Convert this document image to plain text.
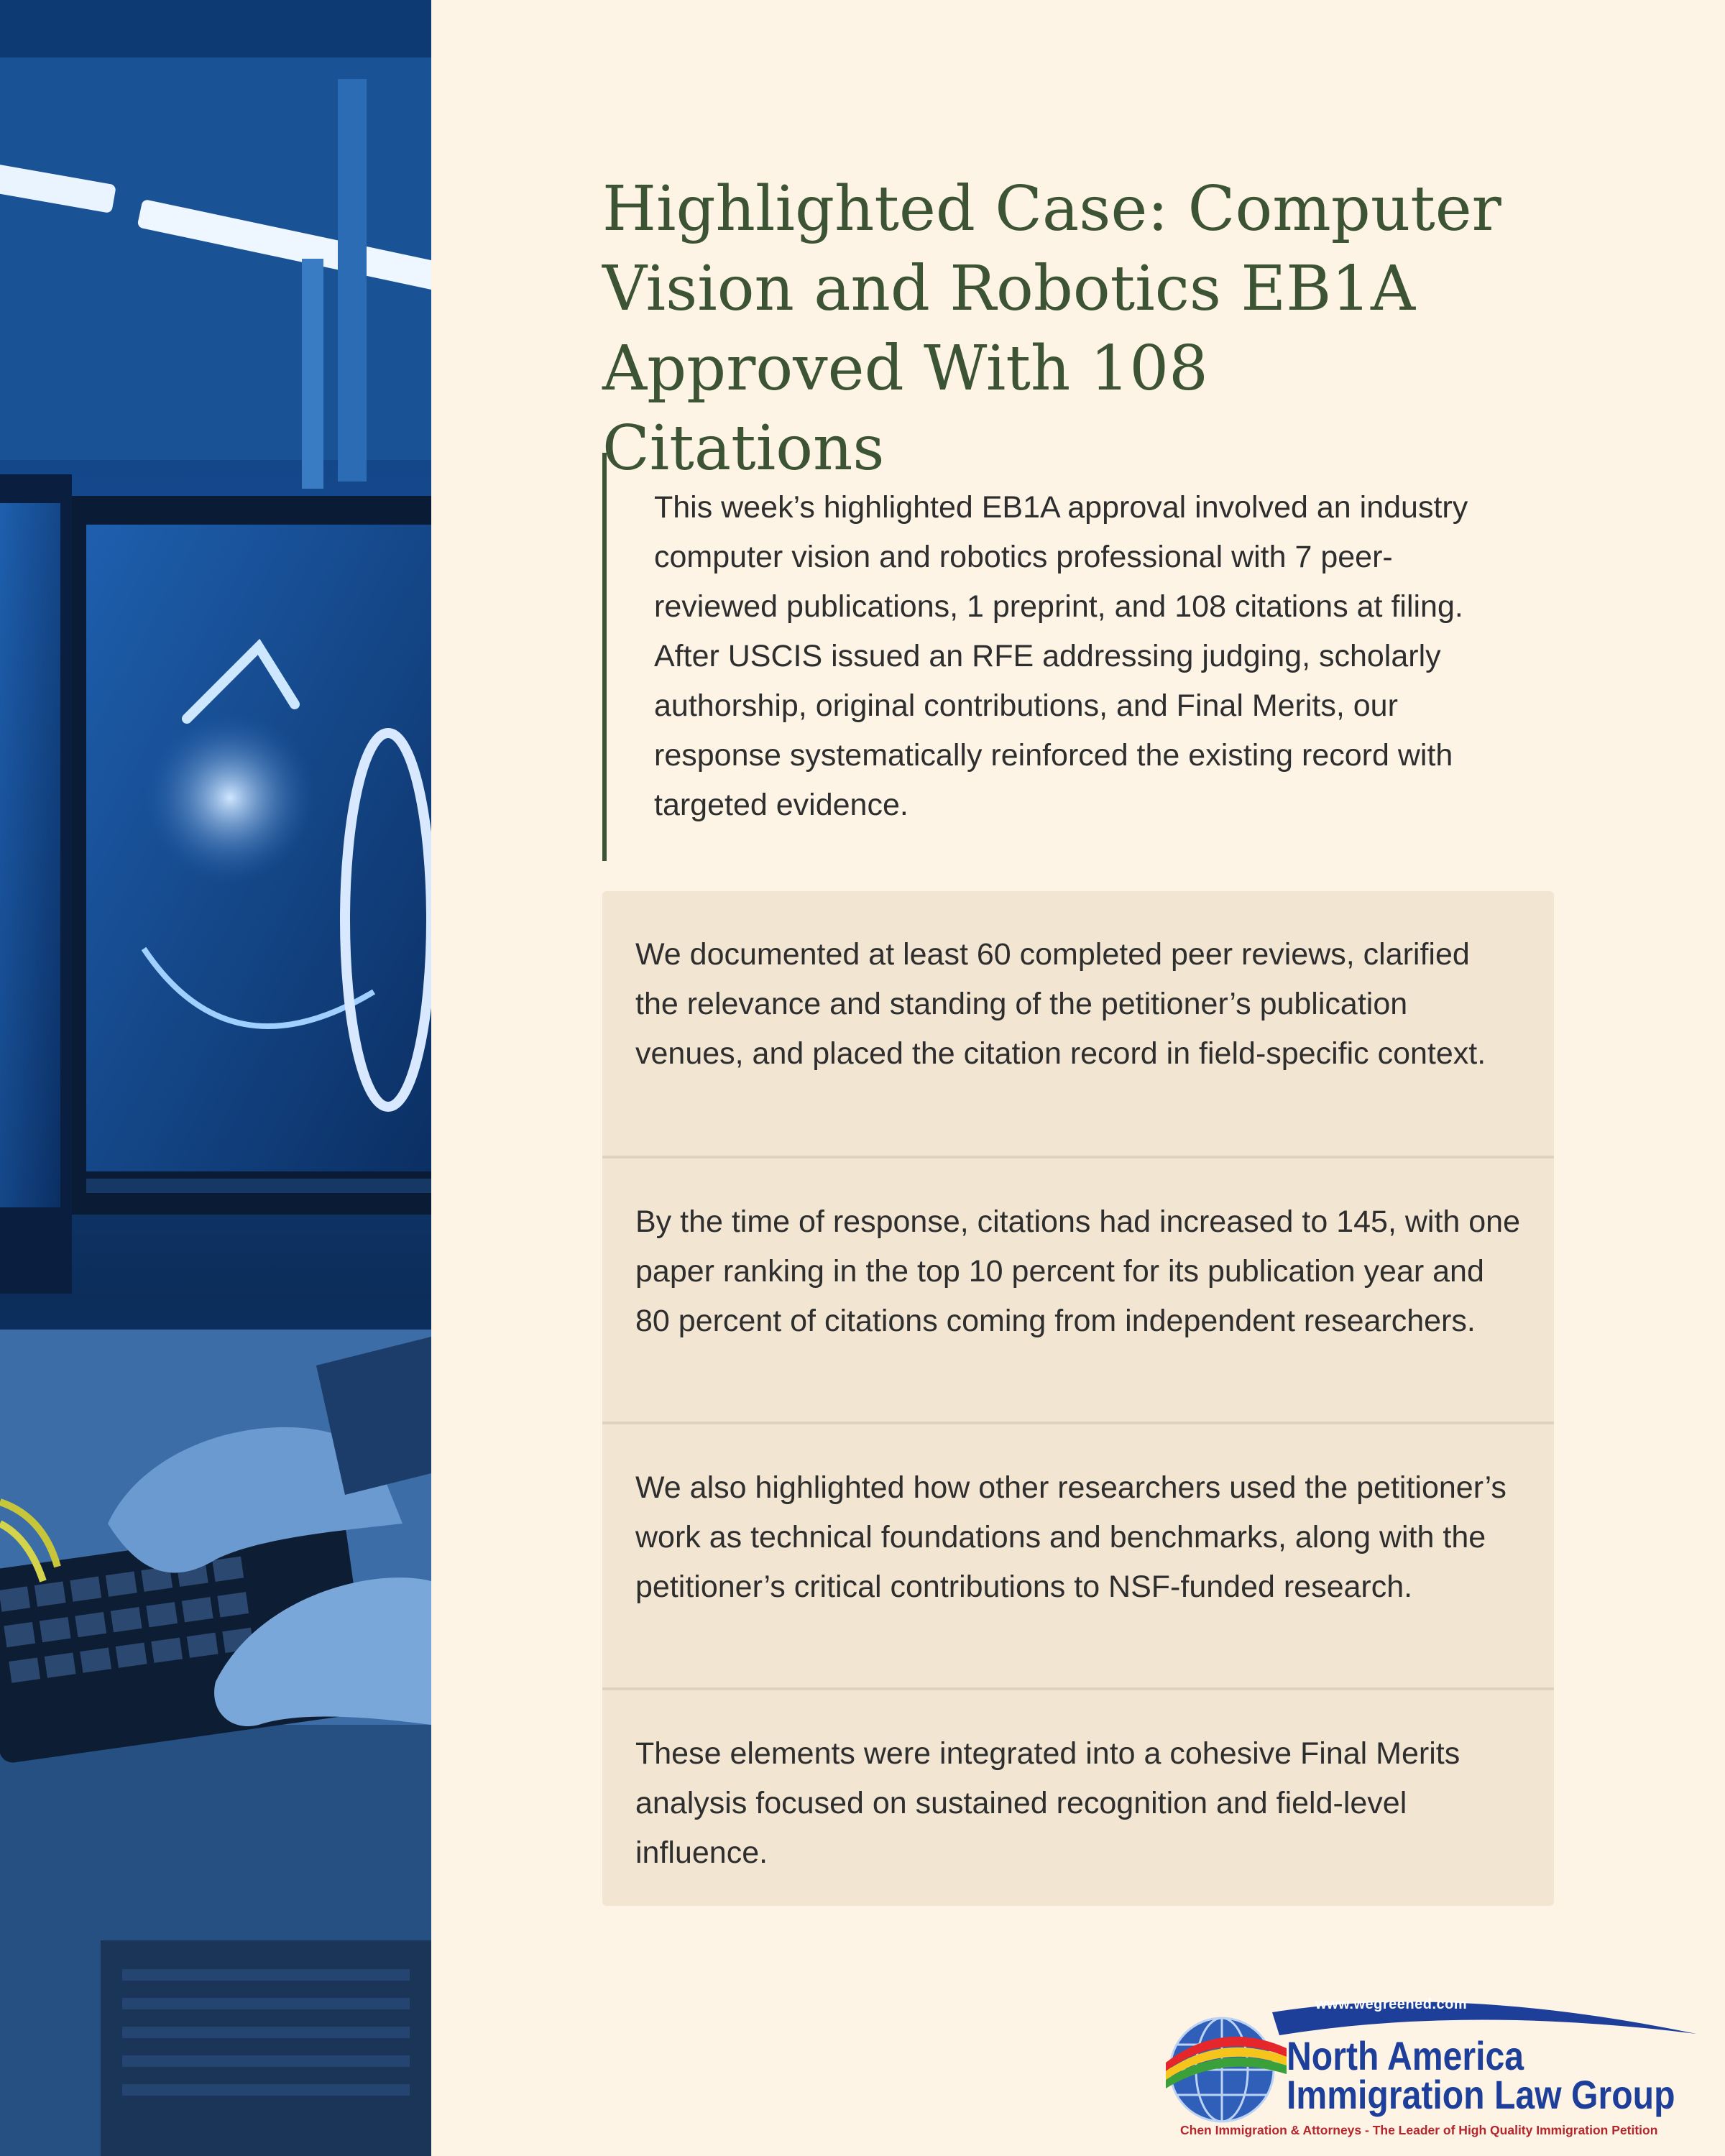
Highlighted Case: Computer Vision and Robotics EB1A Approved With 108 Citations

This week’s highlighted EB1A approval involved an industry computer vision and robotics professional with 7 peer-reviewed publications, 1 preprint, and 108 citations at filing. After USCIS issued an RFE addressing judging, scholarly authorship, original contributions, and Final Merits, our response systematically reinforced the existing record with targeted evidence.

We documented at least 60 completed peer reviews, clarified the relevance and standing of the petitioner’s publication venues, and placed the citation record in field-specific context.

By the time of response, citations had increased to 145, with one paper ranking in the top 10 percent for its publication year and 80 percent of citations coming from independent researchers.

We also highlighted how other researchers used the petitioner’s work as technical foundations and benchmarks, along with the petitioner’s critical contributions to NSF-funded research.

These elements were integrated into a cohesive Final Merits analysis focused on sustained recognition and field-level influence.

www.wegreened.com
North America
Immigration Law Group
Chen Immigration & Attorneys - The Leader of High Quality Immigration Petition
